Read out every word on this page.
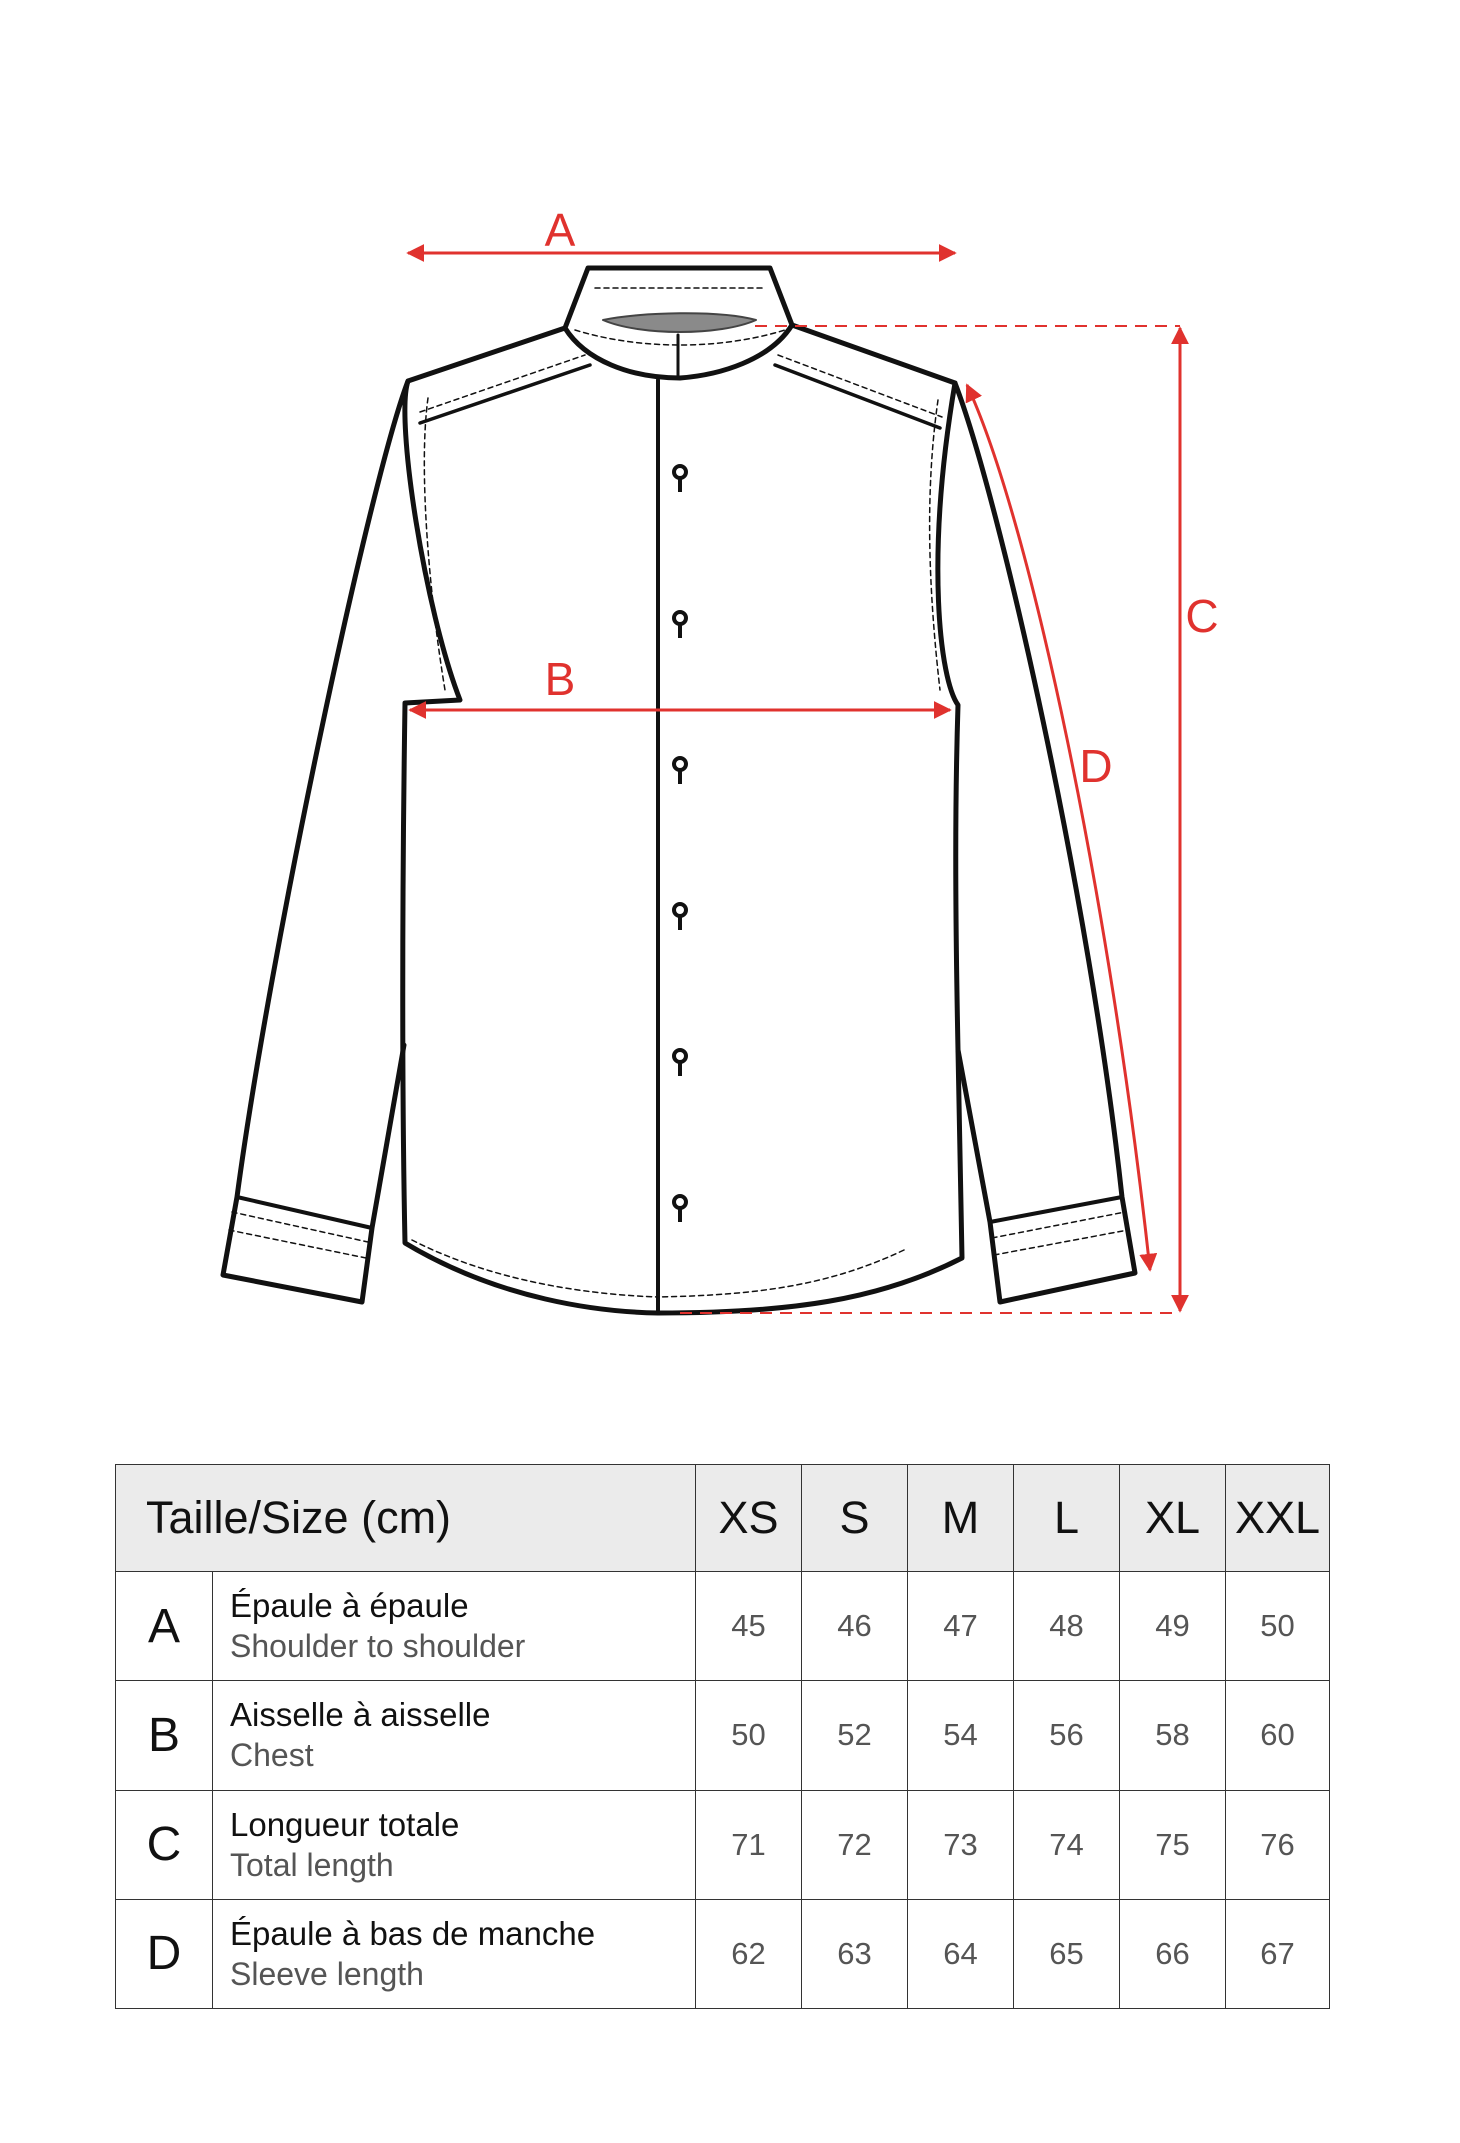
A
B
C
D
Taille/Size (cm)		XS	S	M	L	XL	XXL
A	Épaule à épaule
Shoulder to shoulder	45	46	47	48	49	50
B	Aisselle à aisselle
Chest	50	52	54	56	58	60
C	Longueur totale
Total length	71	72	73	74	75	76
D	Épaule à bas de manche
Sleeve length	62	63	64	65	66	67
